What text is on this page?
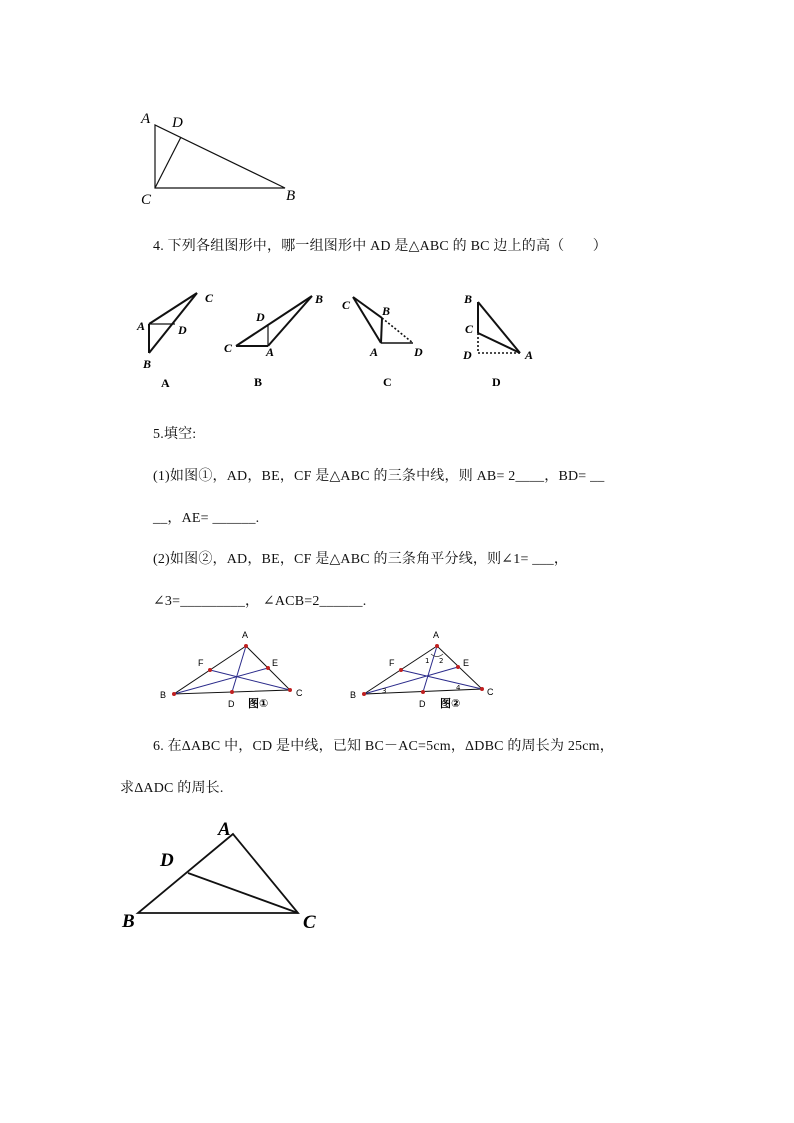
A D
C	B
4. 下列各组图形中，哪一组图形中 AD 是△ABC 的 BC 边上的高（　　）
C
A	D
B
A
B
D
C	A
B
C	B
A	D
C
B
C
D	A
D
5.填空:
(1)如图①，AD，BE，CF 是△ABC 的三条中线，则 AB= 2____，BD= __
__，AE= ______.
(2)如图②，AD，BE，CF 是△ABC 的三条角平分线，则∠1= ___，
∠3=_________， ∠ACB=2______.
A
F	E
B	C
D 图①
A
F	E
B	C
D
1 2
3	4
图②
6. 在ΔABC 中，CD 是中线，已知 BC－AC=5cm，ΔDBC 的周长为 25cm，
求ΔADC 的周长.
A
D
B	C
